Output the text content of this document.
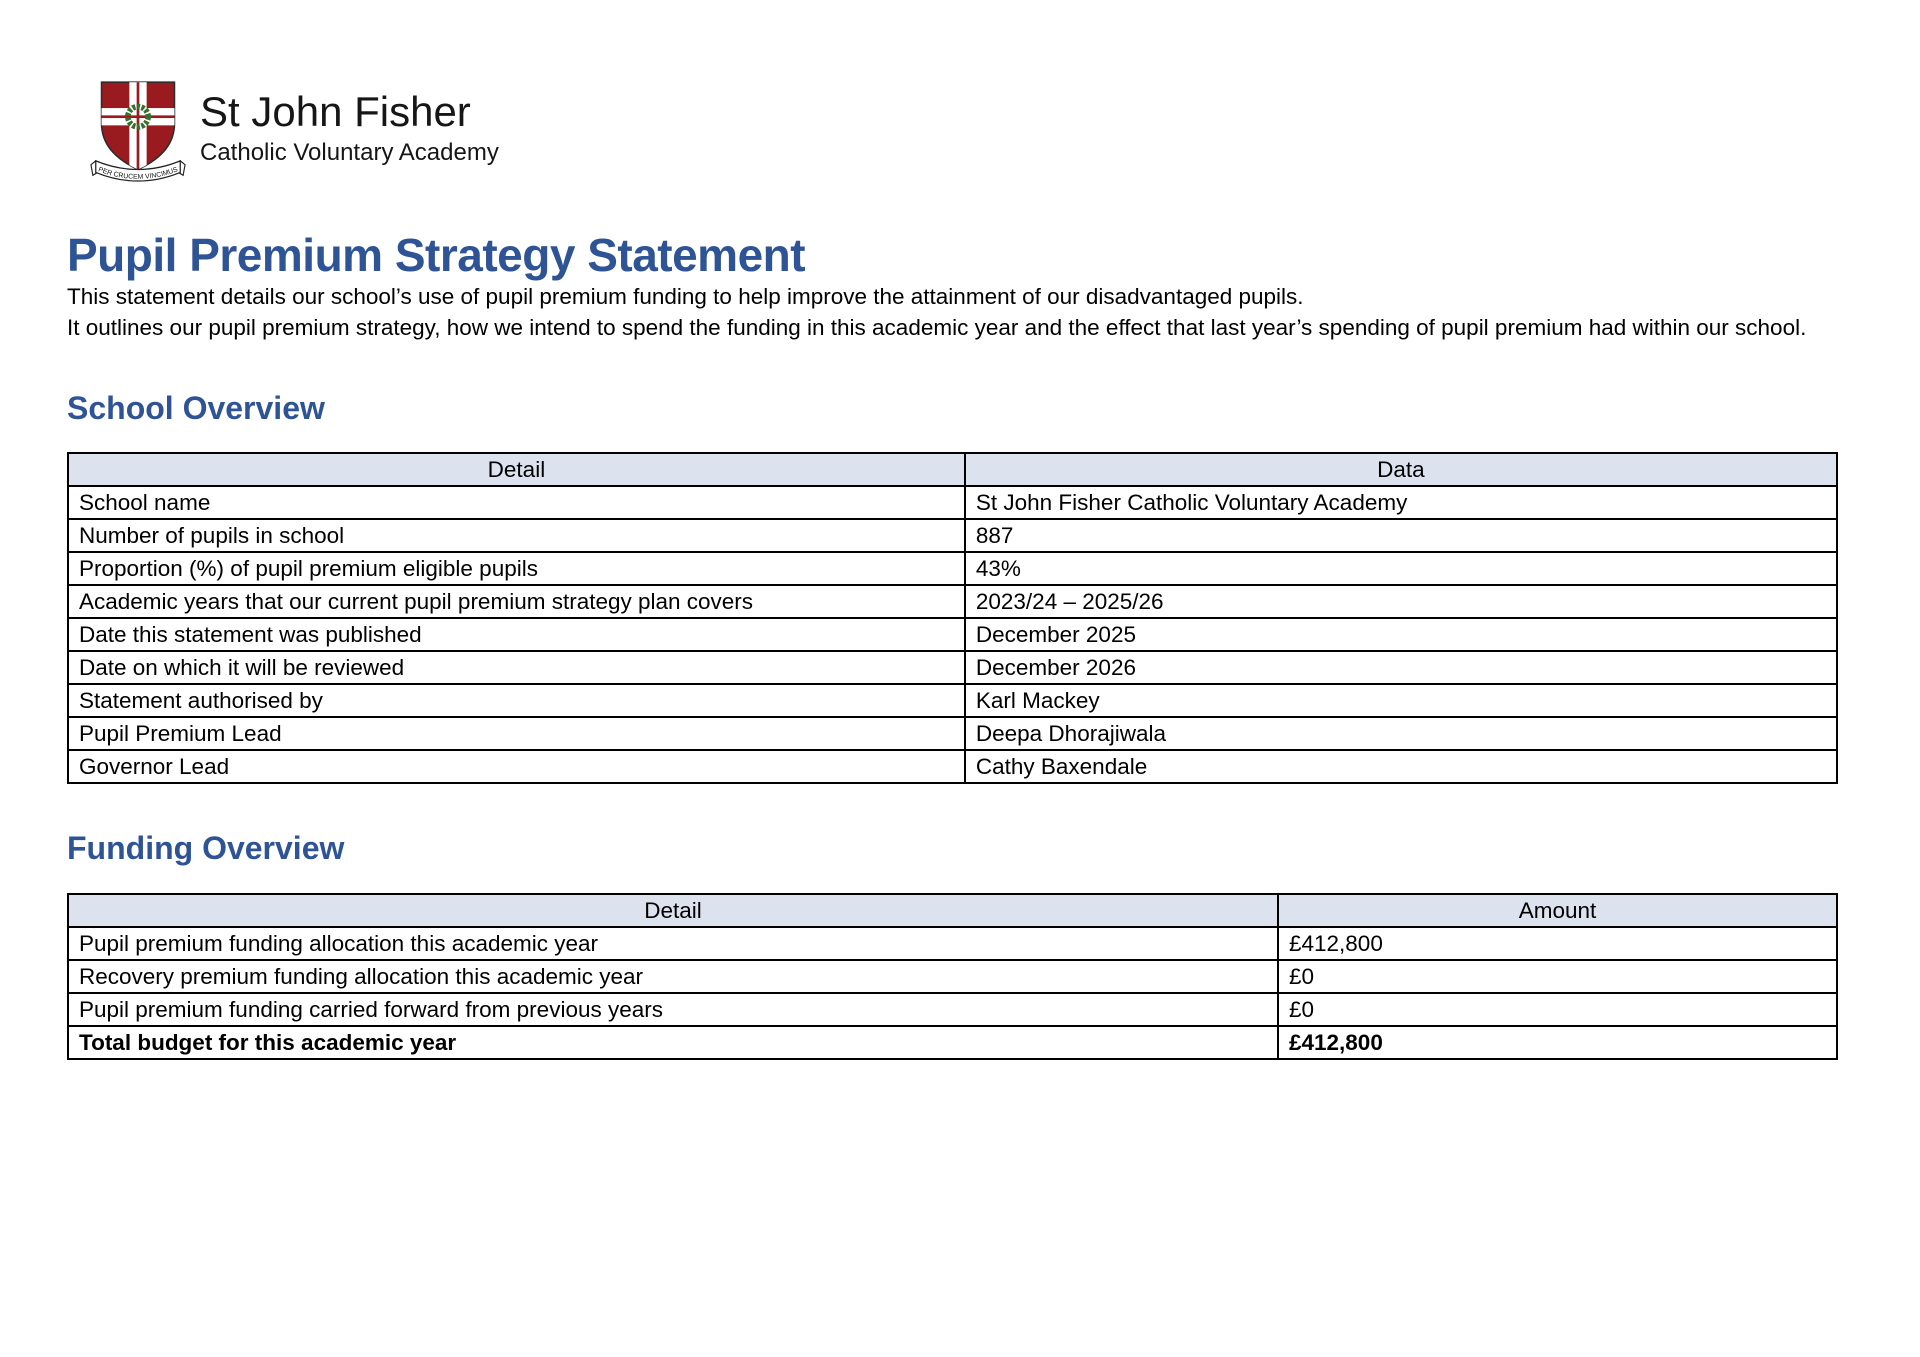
PER CRUCEM VINCIMUS
St John Fisher
Catholic Voluntary Academy
Pupil Premium Strategy Statement

This statement details our school’s use of pupil premium funding to help improve the attainment of our disadvantaged pupils.

It outlines our pupil premium strategy, how we intend to spend the funding in this academic year and the effect that last year’s spending of pupil premium had within our school.

School Overview
Detail	Data
School name	St John Fisher Catholic Voluntary Academy
Number of pupils in school	887
Proportion (%) of pupil premium eligible pupils	43%
Academic years that our current pupil premium strategy plan covers	2023/24 – 2025/26
Date this statement was published	December 2025
Date on which it will be reviewed	December 2026
Statement authorised by	Karl Mackey
Pupil Premium Lead	Deepa Dhorajiwala
Governor Lead	Cathy Baxendale
Funding Overview
Detail	Amount
Pupil premium funding allocation this academic year	£412,800
Recovery premium funding allocation this academic year	£0
Pupil premium funding carried forward from previous years	£0
Total budget for this academic year	£412,800
